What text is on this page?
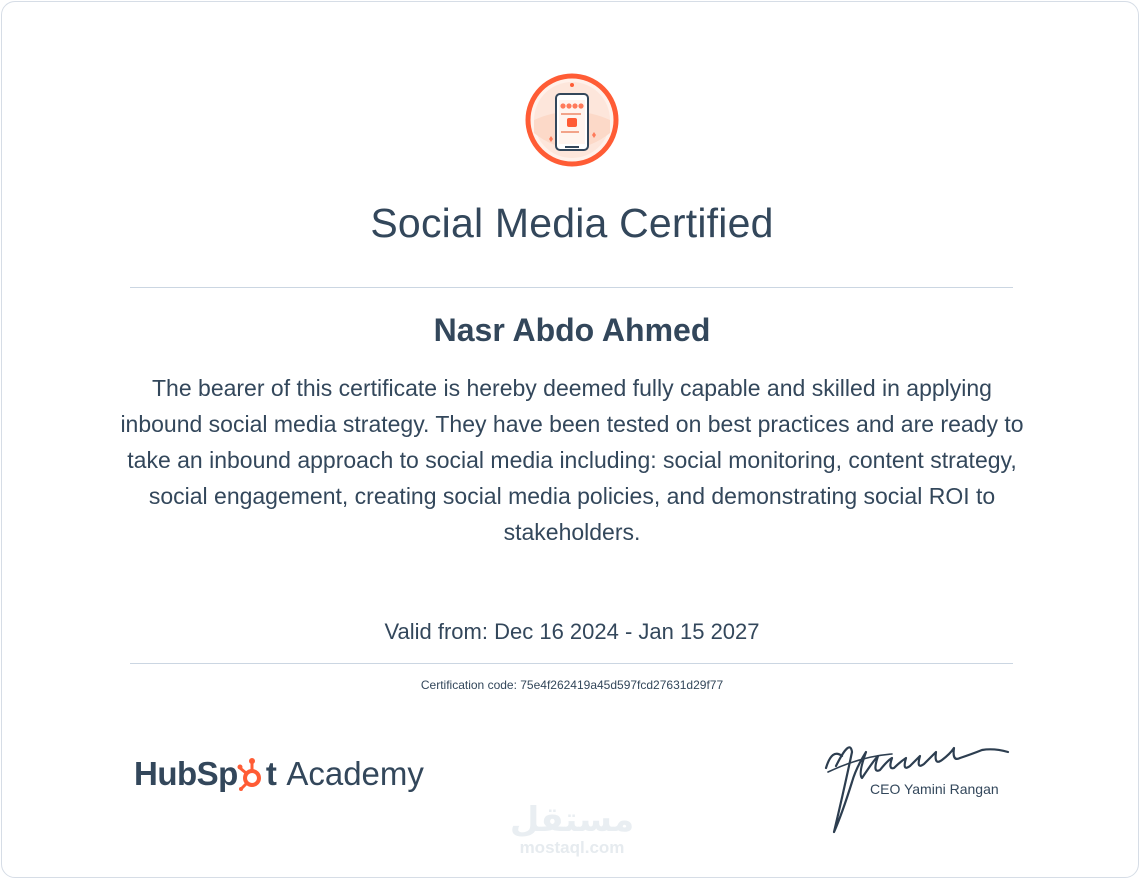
Social Media Certified
Nasr Abdo Ahmed
The bearer of this certificate is hereby deemed fully capable and skilled in applying inbound social media strategy. They have been tested on best practices and are ready to take an inbound approach to social media including: social monitoring, content strategy, social engagement, creating social media policies, and demonstrating social ROI to stakeholders.
Valid from: Dec 16 2024 - Jan 15 2027
Certification code: 75e4f262419a45d597fcd27631d29f77
HubSp t Academy	CEO Yamini Rangan
مستقل
mostaql.com
